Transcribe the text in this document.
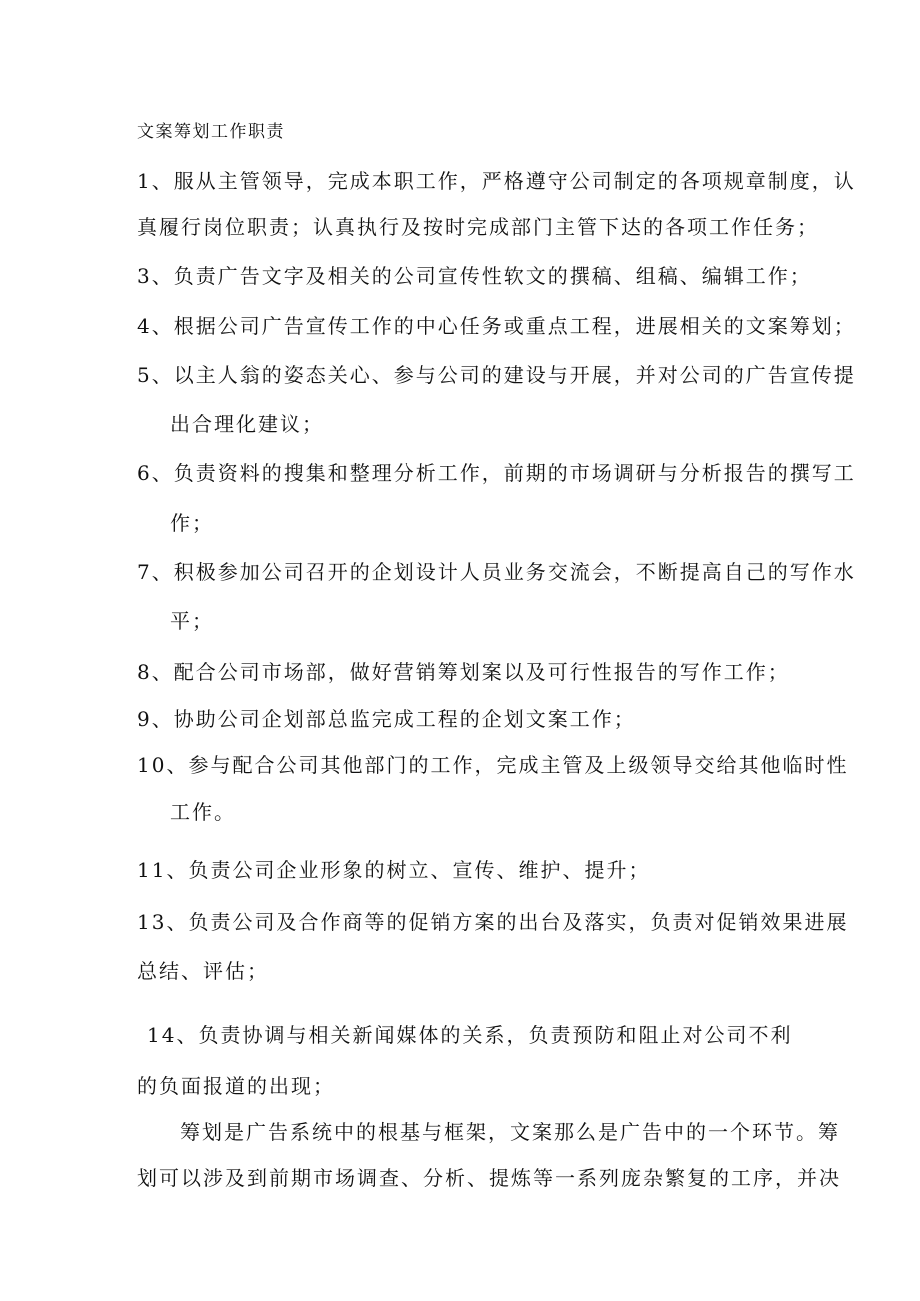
文案筹划工作职责
1、服从主管领导，完成本职工作，严格遵守公司制定的各项规章制度，认
真履行岗位职责；认真执行及按时完成部门主管下达的各项工作任务；
3、负责广告文字及相关的公司宣传性软文的撰稿、组稿、编辑工作；
4、根据公司广告宣传工作的中心任务或重点工程，进展相关的文案筹划；
5、以主人翁的姿态关心、参与公司的建设与开展，并对公司的广告宣传提
出合理化建议；
6、负责资料的搜集和整理分析工作，前期的市场调研与分析报告的撰写工
作；
7、积极参加公司召开的企划设计人员业务交流会，不断提高自己的写作水
平；
8、配合公司市场部，做好营销筹划案以及可行性报告的写作工作；
9、协助公司企划部总监完成工程的企划文案工作；
10、参与配合公司其他部门的工作，完成主管及上级领导交给其他临时性
工作。
11、负责公司企业形象的树立、宣传、维护、提升；
13、负责公司及合作商等的促销方案的出台及落实，负责对促销效果进展
总结、评估；
14、负责协调与相关新闻媒体的关系，负责预防和阻止对公司不利
的负面报道的出现；
筹划是广告系统中的根基与框架，文案那么是广告中的一个环节。筹
划可以涉及到前期市场调查、分析、提炼等一系列庞杂繁复的工序，并决
